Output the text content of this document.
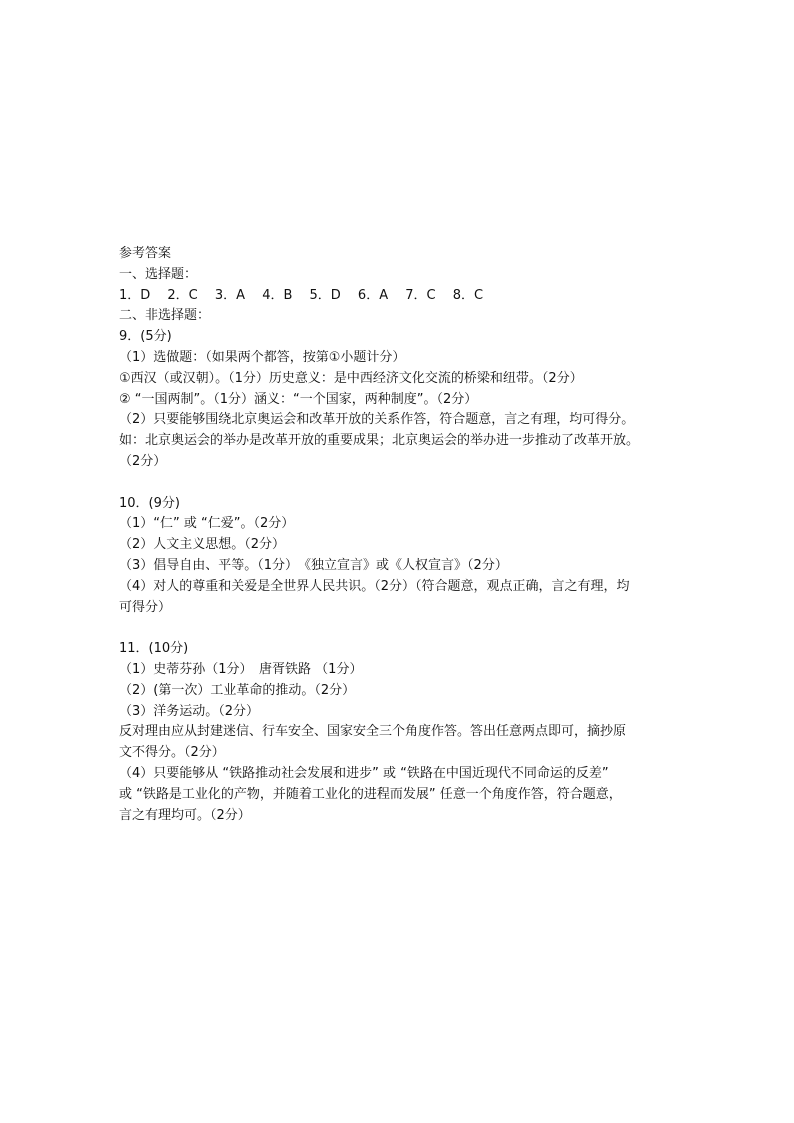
参考答案
一、选择题：
1．D　 2．C　 3．A　 4．B　 5．D　 6．A　 7．C　 8．C
二、非选择题：
9．(5分)
（1）选做题：（如果两个都答，按第①小题计分）
①西汉（或汉朝）。（1分）历史意义：是中西经济文化交流的桥梁和纽带。（2分）
② “一国两制”。（1分）涵义：“一个国家，两种制度”。（2分）
（2）只要能够围绕北京奥运会和改革开放的关系作答，符合题意，言之有理，均可得分。
如：北京奥运会的举办是改革开放的重要成果；北京奥运会的举办进一步推动了改革开放。
（2分）
10．(9分)
（1）“仁” 或 “仁爱”。（2分）
（2）人文主义思想。（2分）
（3）倡导自由、平等。（1分）　《独立宣言》或《人权宣言》（2分）
（4）对人的尊重和关爱是全世界人民共识。（2分）（符合题意，观点正确，言之有理，均
可得分）
11．(10分)
（1）史蒂芬孙（1分）　唐胥铁路 （1分）
（2）(第一次）工业革命的推动。（2分）
（3）洋务运动。（2分）
反对理由应从封建迷信、行车安全、国家安全三个角度作答。答出任意两点即可，摘抄原
文不得分。（2分）
（4）只要能够从 “铁路推动社会发展和进步” 或 “铁路在中国近现代不同命运的反差”
或 “铁路是工业化的产物，并随着工业化的进程而发展” 任意一个角度作答，符合题意，
言之有理均可。（2分）
